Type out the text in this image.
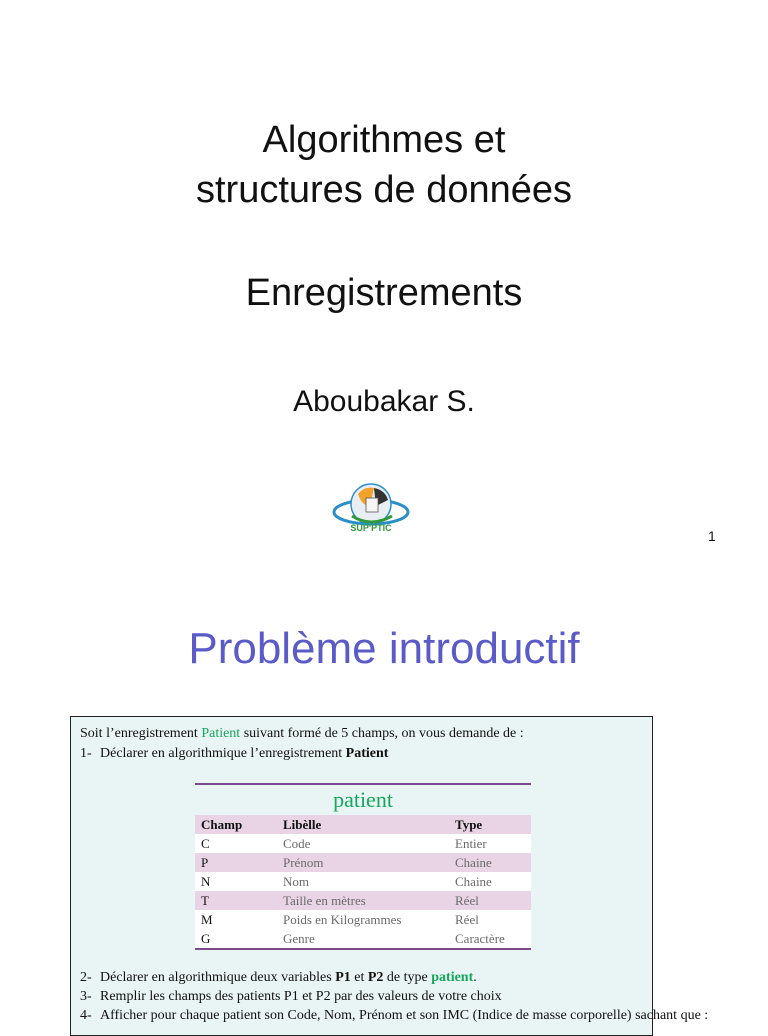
Algorithmes et
structures de données
Enregistrements
Aboubakar S.
SUP'PTIC	1
Problème introductif
Soit l’enregistrement Patient suivant formé de 5 champs, on vous demande de :
1- Déclarer en algorithmique l’enregistrement Patient
patient
Champ	Libèlle	Type
C	Code	Entier
P	Prénom	Chaine
N	Nom	Chaine
T	Taille en mètres	Réel
M	Poids en Kilogrammes	Réel
G	Genre	Caractère
2- Déclarer en algorithmique deux variables P1 et P2 de type patient.
3- Remplir les champs des patients P1 et P2 par des valeurs de votre choix
4- Afficher pour chaque patient son Code, Nom, Prénom et son IMC (Indice de masse corporelle) sachant que :
